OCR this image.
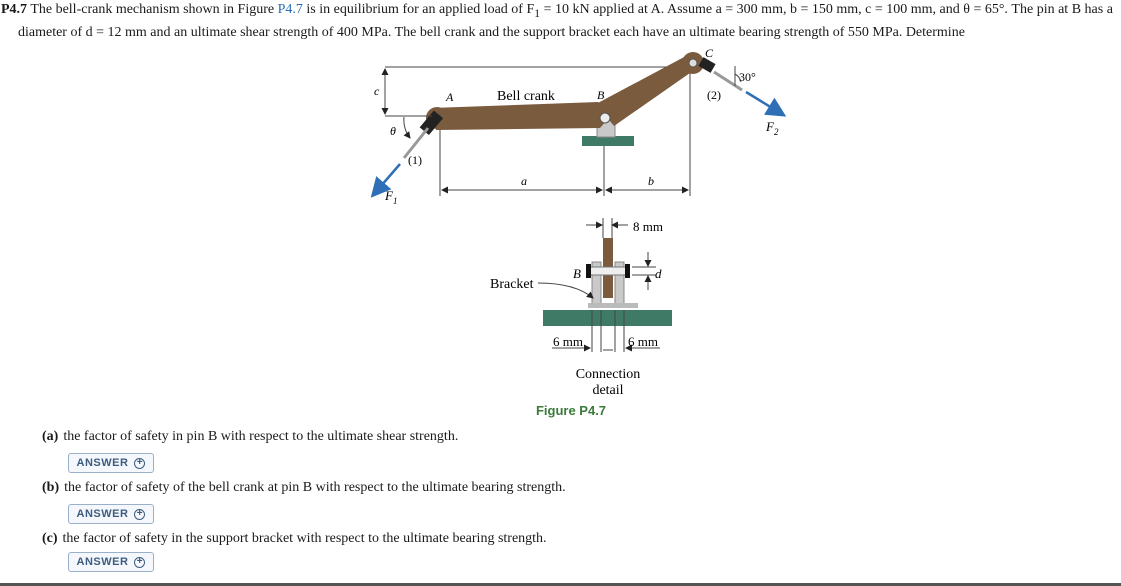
P4.7 The bell-crank mechanism shown in Figure P4.7 is in equilibrium for an applied load of $F_1 = 10$ kN applied at A. Assume a = 300 mm, b = 150 mm, c = 100 mm, and θ = 65°. The pin at B has a diameter of d = 12 mm and an ultimate shear strength of 400 MPa. The bell crank and the support bracket each have an ultimate bearing strength of 550 MPa. Determine
c
a	b
$F_1$
(1)
θ	$F_2$
(2)
30°
Bell crank
A	B
C
8 mm
B	d
Bracket
6 mm	6 mm
Connection
detail
Figure P4.7
(a) the factor of safety in pin B with respect to the ultimate shear strength.
ANSWER +
(b) the factor of safety of the bell crank at pin B with respect to the ultimate bearing strength.
ANSWER +
(c) the factor of safety in the support bracket with respect to the ultimate bearing strength.
ANSWER +
